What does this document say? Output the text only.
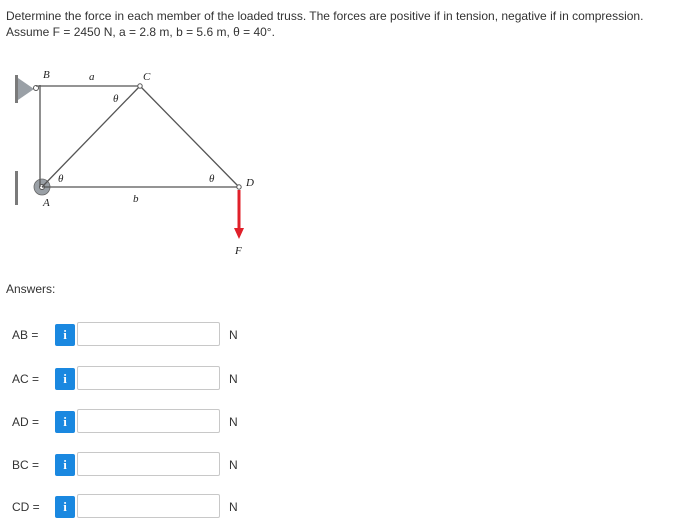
Determine the force in each member of the loaded truss. The forces are positive if in tension, negative if in compression.

Assume F = 2450 N, a = 2.8 m, b = 5.6 m, θ = 40°.

B	a	C
θ
θ	θ	D
A	b
F
Answers:
AB =	i	N
AC =	i	N
AD =	i	N
BC =	i	N
CD =	i	N
